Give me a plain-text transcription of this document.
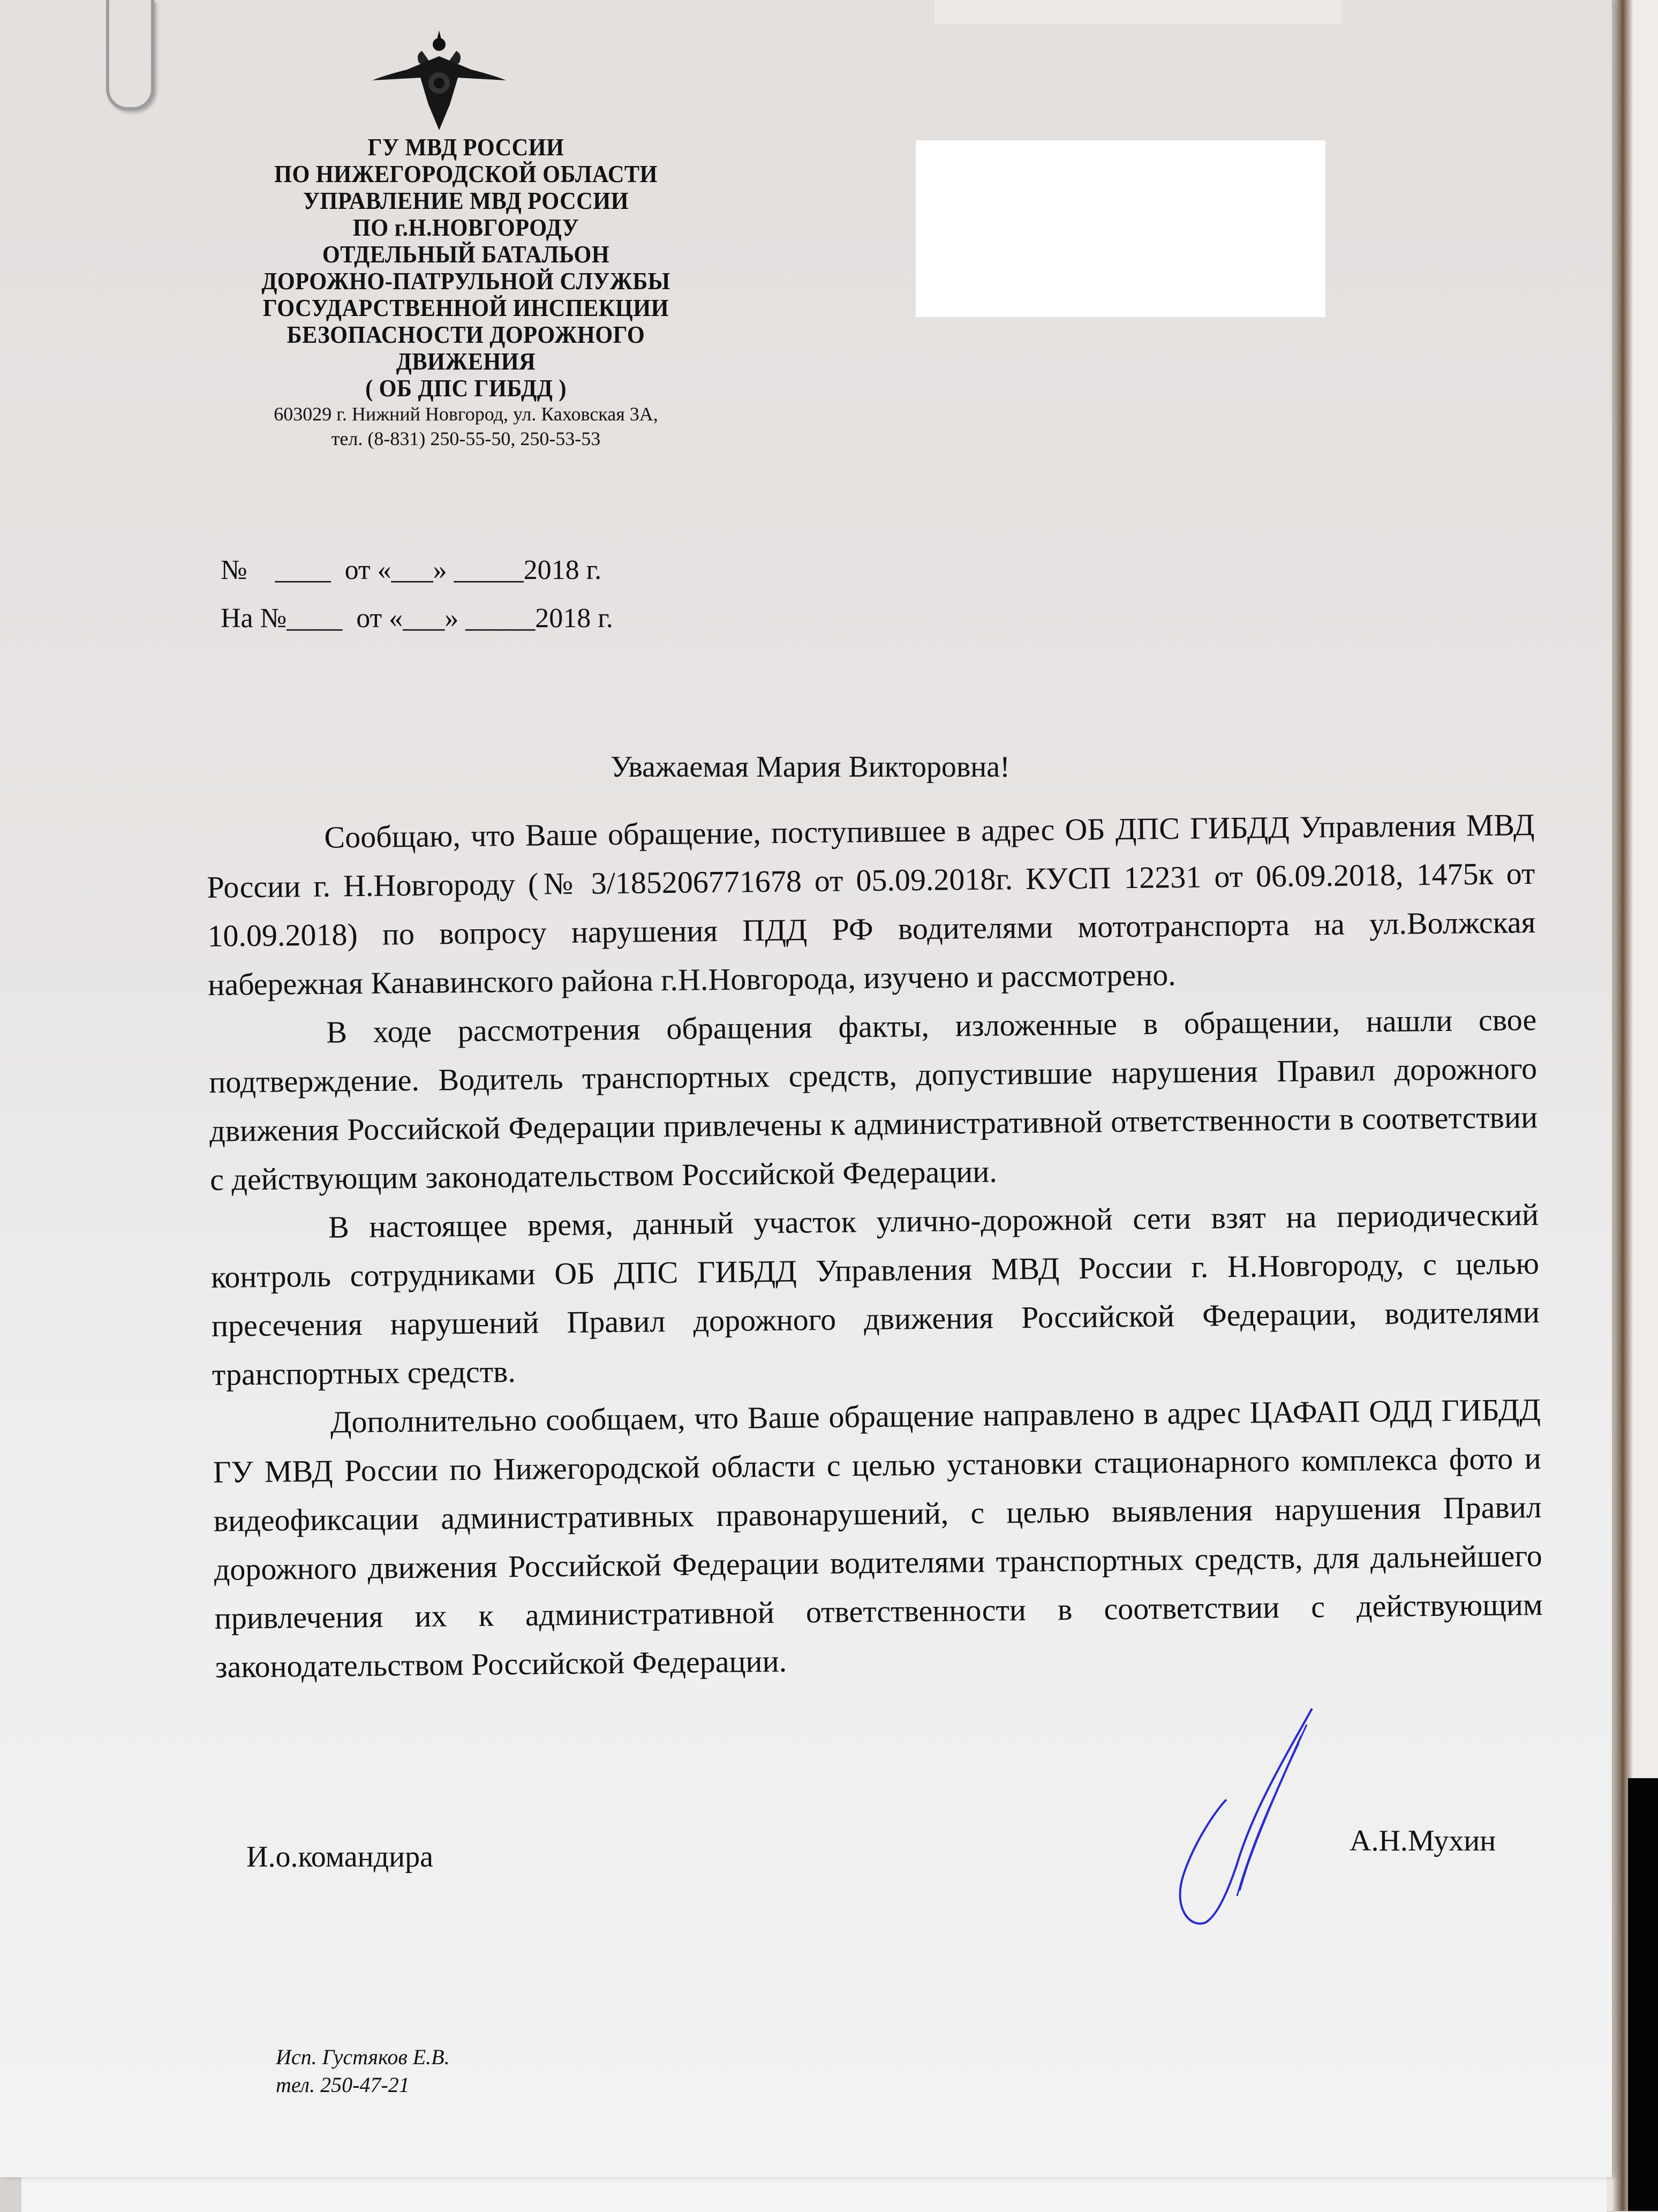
ГУ МВД РОССИИ
ПО НИЖЕГОРОДСКОЙ ОБЛАСТИ
УПРАВЛЕНИЕ МВД РОССИИ
ПО г.Н.НОВГОРОДУ
ОТДЕЛЬНЫЙ БАТАЛЬОН
ДОРОЖНО-ПАТРУЛЬНОЙ СЛУЖБЫ
ГОСУДАРСТВЕННОЙ ИНСПЕКЦИИ
БЕЗОПАСНОСТИ ДОРОЖНОГО
ДВИЖЕНИЯ
( ОБ ДПС ГИБДД )
603029 г. Нижний Новгород, ул. Каховская 3А,
тел. (8-831) 250-55-50, 250-53-53
№    ____  от «___» _____2018 г.
На №____  от «___» _____2018 г.
Уважаемая Мария Викторовна!

Сообщаю, что Ваше обращение, поступившее в адрес ОБ ДПС ГИБДД Управления МВД России г. Н.Новгороду (№ 3/185206771678 от 05.09.2018г. КУСП 12231 от 06.09.2018, 1475к от 10.09.2018) по вопросу нарушения ПДД РФ водителями мототранспорта на ул.Волжская набережная Канавинского района г.Н.Новгорода, изучено и рассмотрено.

В ходе рассмотрения обращения факты, изложенные в обращении, нашли свое подтверждение. Водитель транспортных средств, допустившие нарушения Правил дорожного движения Российской Федерации привлечены к административной ответственности в соответствии с действующим законодательством Российской Федерации.

В настоящее время, данный участок улично-дорожной сети взят на периодический контроль сотрудниками ОБ ДПС ГИБДД Управления МВД России г. Н.Новгороду, с целью пресечения нарушений Правил дорожного движения Российской Федерации, водителями транспортных средств.

Дополнительно сообщаем, что Ваше обращение направлено в адрес ЦАФАП ОДД ГИБДД ГУ МВД России по Нижегородской области с целью установки стационарного комплекса фото и видеофиксации административных правонарушений, с целью выявления нарушения Правил дорожного движения Российской Федерации водителями транспортных средств, для дальнейшего привлечения их к административной ответственности в соответствии с действующим законодательством Российской Федерации.

И.о.командира	А.Н.Мухин
Исп. Густяков Е.В.
тел. 250-47-21
